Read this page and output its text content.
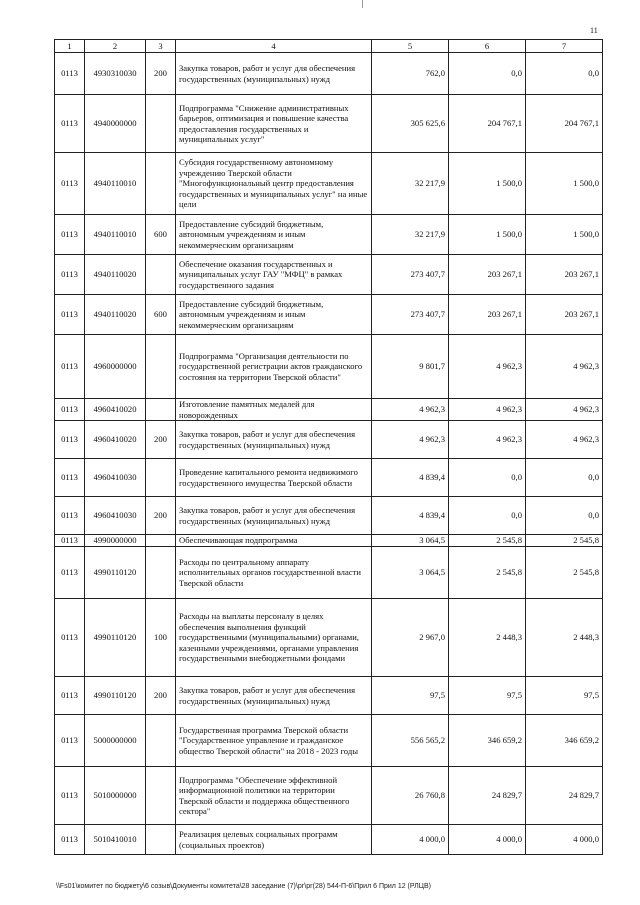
11
1	2	3	4	5	6	7
0113	4930310030	200	Закупка товаров, работ и услуг для обеспечения государственных (муниципальных) нужд	762,0	0,0	0,0
0113	4940000000		Подпрограмма "Снижение административных барьеров, оптимизация и повышение качества предоставления государственных и муниципальных услуг"	305 625,6	204 767,1	204 767,1
0113	4940110010		Субсидия государственному автономному учреждению Тверской области "Многофункциональный центр предоставления государственных и муниципальных услуг" на иные цели	32 217,9	1 500,0	1 500,0
0113	4940110010	600	Предоставление субсидий бюджетным, автономным учреждениям и иным некоммерческим организациям	32 217,9	1 500,0	1 500,0
0113	4940110020		Обеспечение оказания государственных и муниципальных услуг ГАУ "МФЦ" в рамках государственного задания	273 407,7	203 267,1	203 267,1
0113	4940110020	600	Предоставление субсидий бюджетным, автономным учреждениям и иным некоммерческим организациям	273 407,7	203 267,1	203 267,1
0113	4960000000		Подпрограмма "Организация деятельности по государственной регистрации актов гражданского состояния на территории Тверской области"	9 801,7	4 962,3	4 962,3
0113	4960410020		Изготовление памятных медалей для новорожденных	4 962,3	4 962,3	4 962,3
0113	4960410020	200	Закупка товаров, работ и услуг для обеспечения государственных (муниципальных) нужд	4 962,3	4 962,3	4 962,3
0113	4960410030		Проведение капитального ремонта недвижимого государственного имущества Тверской области	4 839,4	0,0	0,0
0113	4960410030	200	Закупка товаров, работ и услуг для обеспечения государственных (муниципальных) нужд	4 839,4	0,0	0,0
0113	4990000000		Обеспечивающая подпрограмма	3 064,5	2 545,8	2 545,8
0113	4990110120		Расходы по центральному аппарату исполнительных органов государственной власти Тверской области	3 064,5	2 545,8	2 545,8
0113	4990110120	100	Расходы на выплаты персоналу в целях обеспечения выполнения функций государственными (муниципальными) органами, казенными учреждениями, органами управления государственными внебюджетными фондами	2 967,0	2 448,3	2 448,3
0113	4990110120	200	Закупка товаров, работ и услуг для обеспечения государственных (муниципальных) нужд	97,5	97,5	97,5
0113	5000000000		Государственная программа Тверской области "Государственное управление и гражданское общество Тверской области" на 2018 - 2023 годы	556 565,2	346 659,2	346 659,2
0113	5010000000		Подпрограмма "Обеспечение эффективной информационной политики на территории Тверской области и поддержка общественного сектора"	26 760,8	24 829,7	24 829,7
0113	5010410010		Реализация целевых социальных программ (социальных проектов)	4 000,0	4 000,0	4 000,0
\\Fs01\комитет по бюджету\6 созыв\Документы комитета\28 заседание (7)\рг\рг(28) 544-П-6\Прил 6 Прил 12 (РЛЦВ)
